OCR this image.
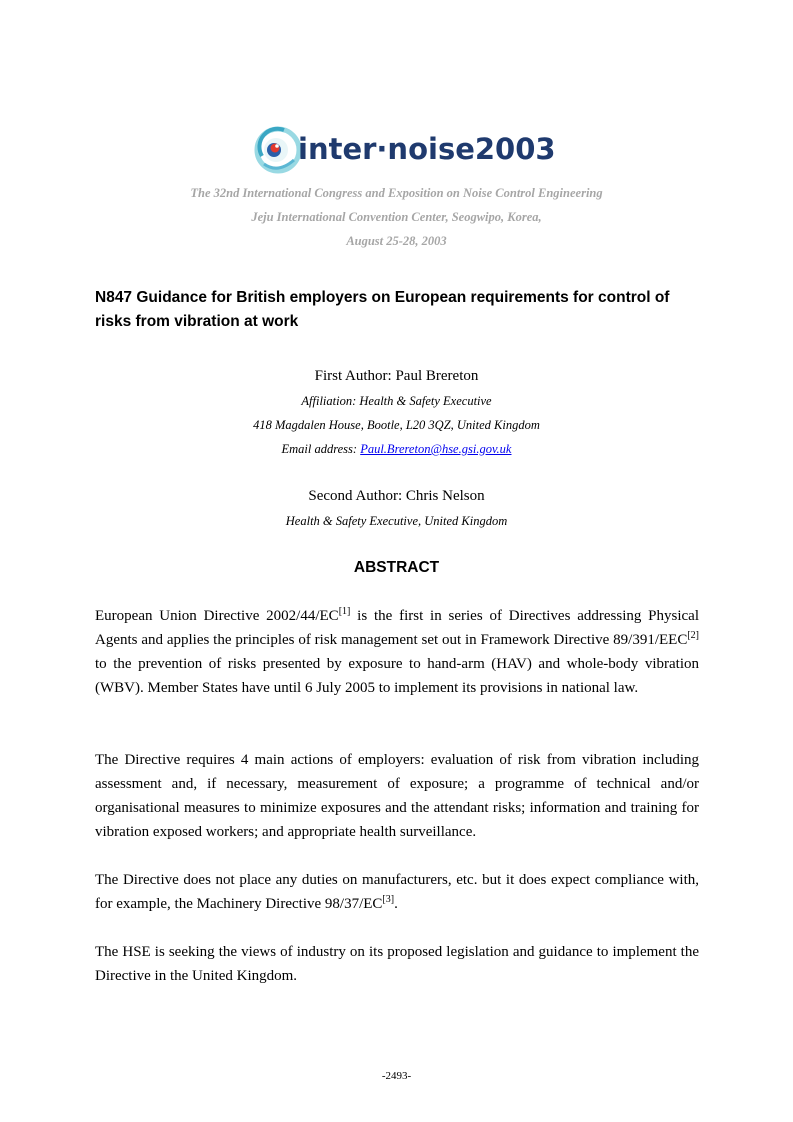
inter·noise2003
The 32nd International Congress and Exposition on Noise Control Engineering
Jeju International Convention Center, Seogwipo, Korea,
August 25-28, 2003
N847 Guidance for British employers on European requirements for control of risks from vibration at work
First Author: Paul Brereton
Affiliation: Health & Safety Executive
418 Magdalen House, Bootle, L20 3QZ, United Kingdom
Email address: Paul.Brereton@hse.gsi.gov.uk
Second Author: Chris Nelson
Health & Safety Executive, United Kingdom
ABSTRACT
European Union Directive 2002/44/EC[1] is the first in series of Directives addressing Physical Agents and applies the principles of risk management set out in Framework Directive 89/391/EEC[2] to the prevention of risks presented by exposure to hand-arm (HAV) and whole-body vibration (WBV). Member States have until 6 July 2005 to implement its provisions in national law.
The Directive requires 4 main actions of employers: evaluation of risk from vibration including assessment and, if necessary, measurement of exposure; a programme of technical and/or organisational measures to minimize exposures and the attendant risks; information and training for vibration exposed workers; and appropriate health surveillance.
The Directive does not place any duties on manufacturers, etc. but it does expect compliance with, for example, the Machinery Directive 98/37/EC[3].
The HSE is seeking the views of industry on its proposed legislation and guidance to implement the Directive in the United Kingdom.
-2493-
